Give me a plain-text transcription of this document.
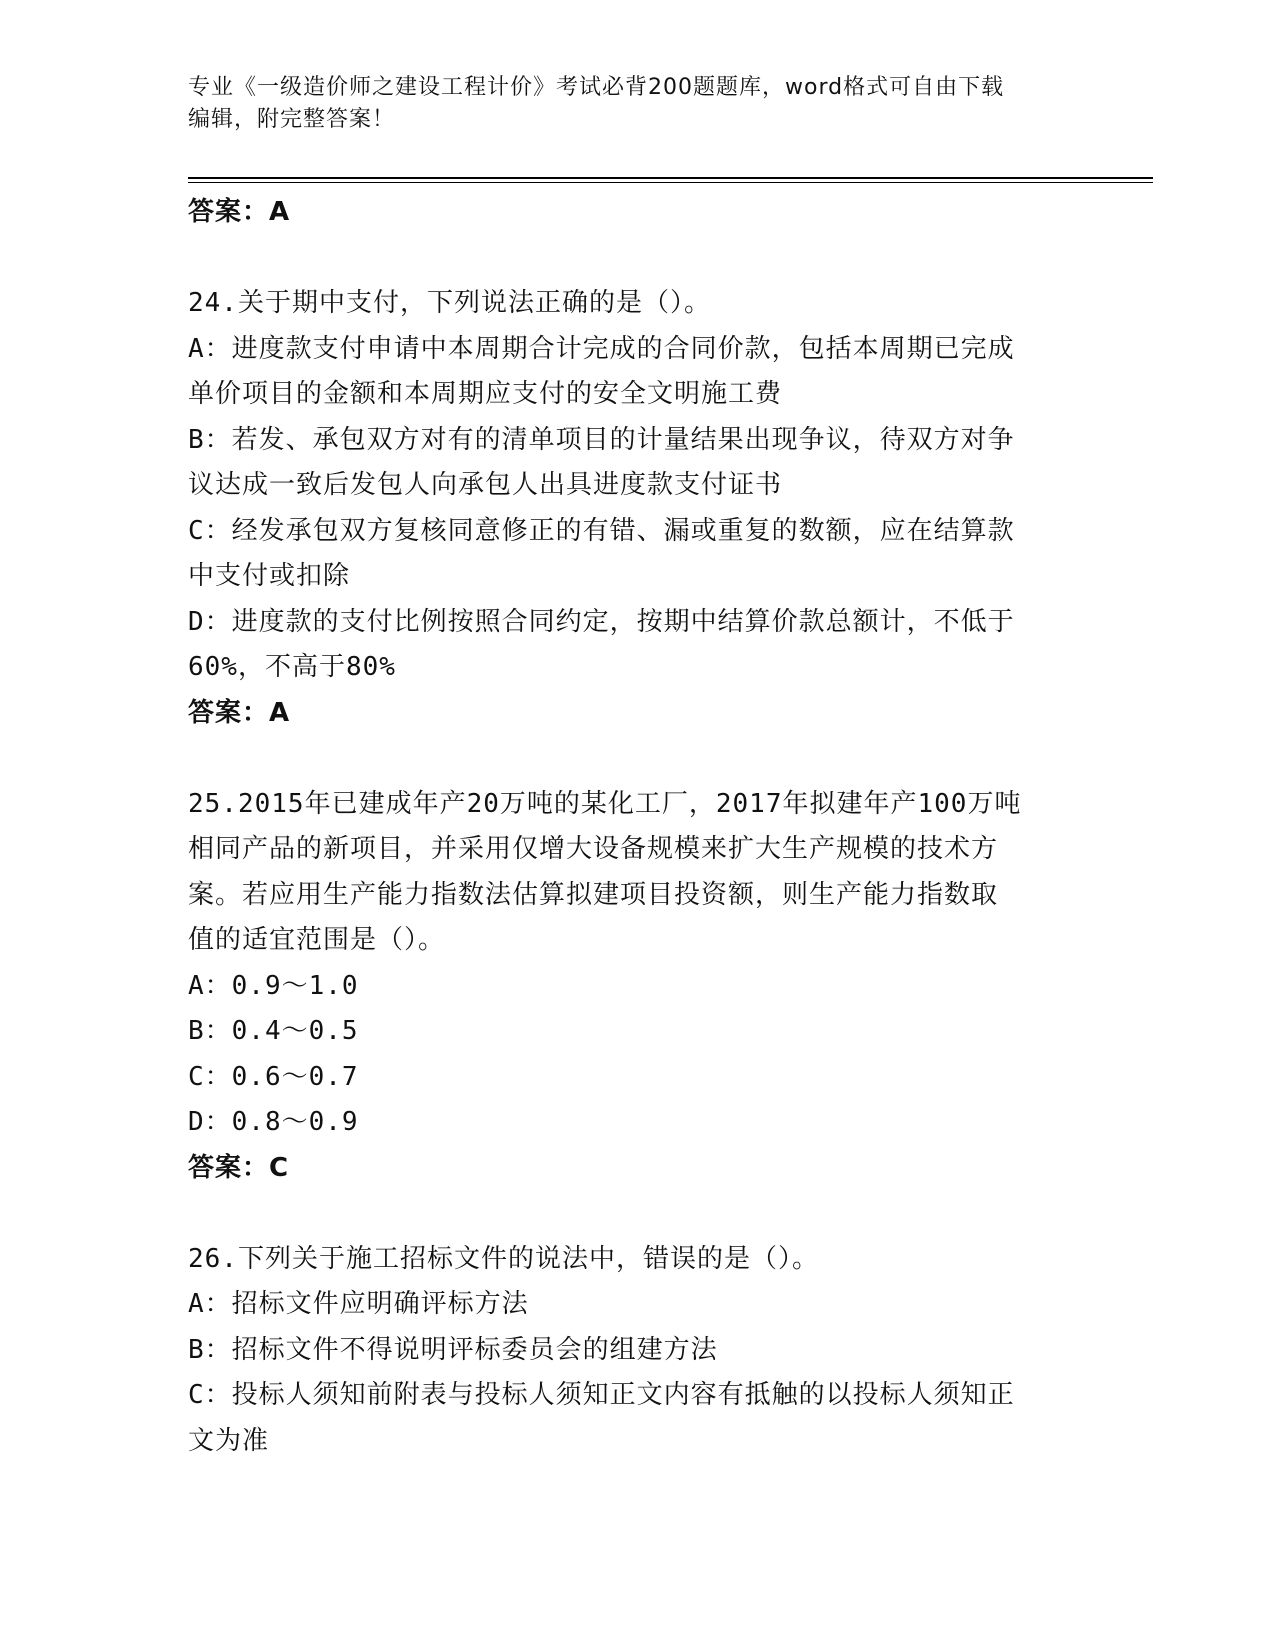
专业《一级造价师之建设工程计价》考试必背200题题库，word格式可自由下载
编辑，附完整答案！
答案：A
24.关于期中支付，下列说法正确的是（）。
A：进度款支付申请中本周期合计完成的合同价款，包括本周期已完成
单价项目的金额和本周期应支付的安全文明施工费
B：若发、承包双方对有的清单项目的计量结果出现争议，待双方对争
议达成一致后发包人向承包人出具进度款支付证书
C：经发承包双方复核同意修正的有错、漏或重复的数额，应在结算款
中支付或扣除
D：进度款的支付比例按照合同约定，按期中结算价款总额计，不低于
60%，不高于80%
答案：A
25.2015年已建成年产20万吨的某化工厂，2017年拟建年产100万吨
相同产品的新项目，并采用仅增大设备规模来扩大生产规模的技术方
案。若应用生产能力指数法估算拟建项目投资额，则生产能力指数取
值的适宜范围是（）。
A：0.9～1.0
B：0.4～0.5
C：0.6～0.7
D：0.8～0.9
答案：C
26.下列关于施工招标文件的说法中，错误的是（）。
A：招标文件应明确评标方法
B：招标文件不得说明评标委员会的组建方法
C：投标人须知前附表与投标人须知正文内容有抵触的以投标人须知正
文为准
